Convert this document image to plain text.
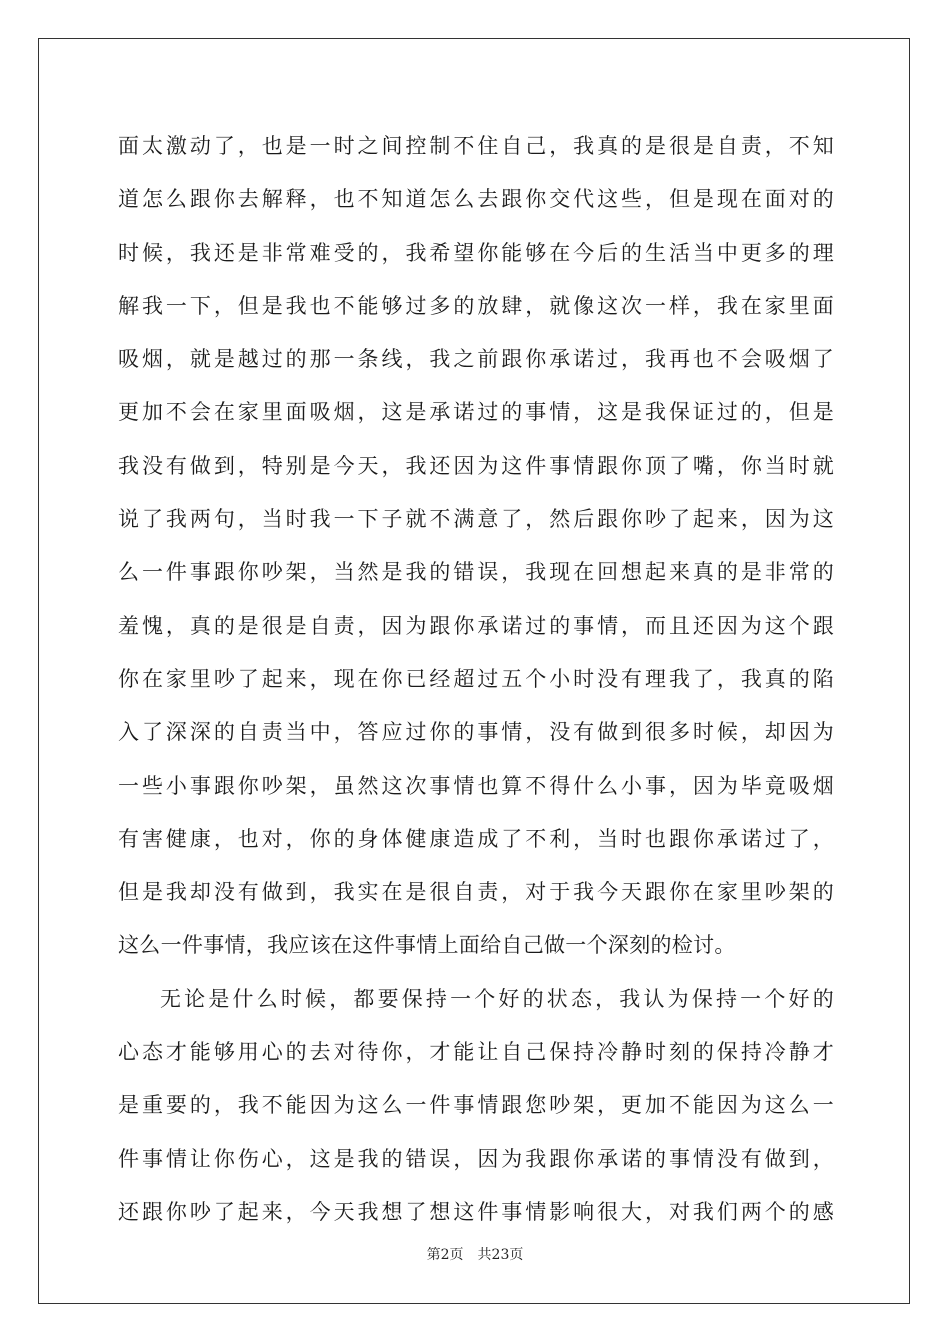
面太激动了，也是一时之间控制不住自己，我真的是很是自责，不知
道怎么跟你去解释，也不知道怎么去跟你交代这些，但是现在面对的
时候，我还是非常难受的，我希望你能够在今后的生活当中更多的理
解我一下，但是我也不能够过多的放肆，就像这次一样，我在家里面
吸烟，就是越过的那一条线，我之前跟你承诺过，我再也不会吸烟了
更加不会在家里面吸烟，这是承诺过的事情，这是我保证过的，但是
我没有做到，特别是今天，我还因为这件事情跟你顶了嘴，你当时就
说了我两句，当时我一下子就不满意了，然后跟你吵了起来，因为这
么一件事跟你吵架，当然是我的错误，我现在回想起来真的是非常的
羞愧，真的是很是自责，因为跟你承诺过的事情，而且还因为这个跟
你在家里吵了起来，现在你已经超过五个小时没有理我了，我真的陷
入了深深的自责当中，答应过你的事情，没有做到很多时候，却因为
一些小事跟你吵架，虽然这次事情也算不得什么小事，因为毕竟吸烟
有害健康，也对，你的身体健康造成了不利，当时也跟你承诺过了，
但是我却没有做到，我实在是很自责，对于我今天跟你在家里吵架的
这么一件事情，我应该在这件事情上面给自己做一个深刻的检讨。
无论是什么时候，都要保持一个好的状态，我认为保持一个好的
心态才能够用心的去对待你，才能让自己保持冷静时刻的保持冷静才
是重要的，我不能因为这么一件事情跟您吵架，更加不能因为这么一
件事情让你伤心，这是我的错误，因为我跟你承诺的事情没有做到，
还跟你吵了起来，今天我想了想这件事情影响很大，对我们两个的感
第2页 共23页
